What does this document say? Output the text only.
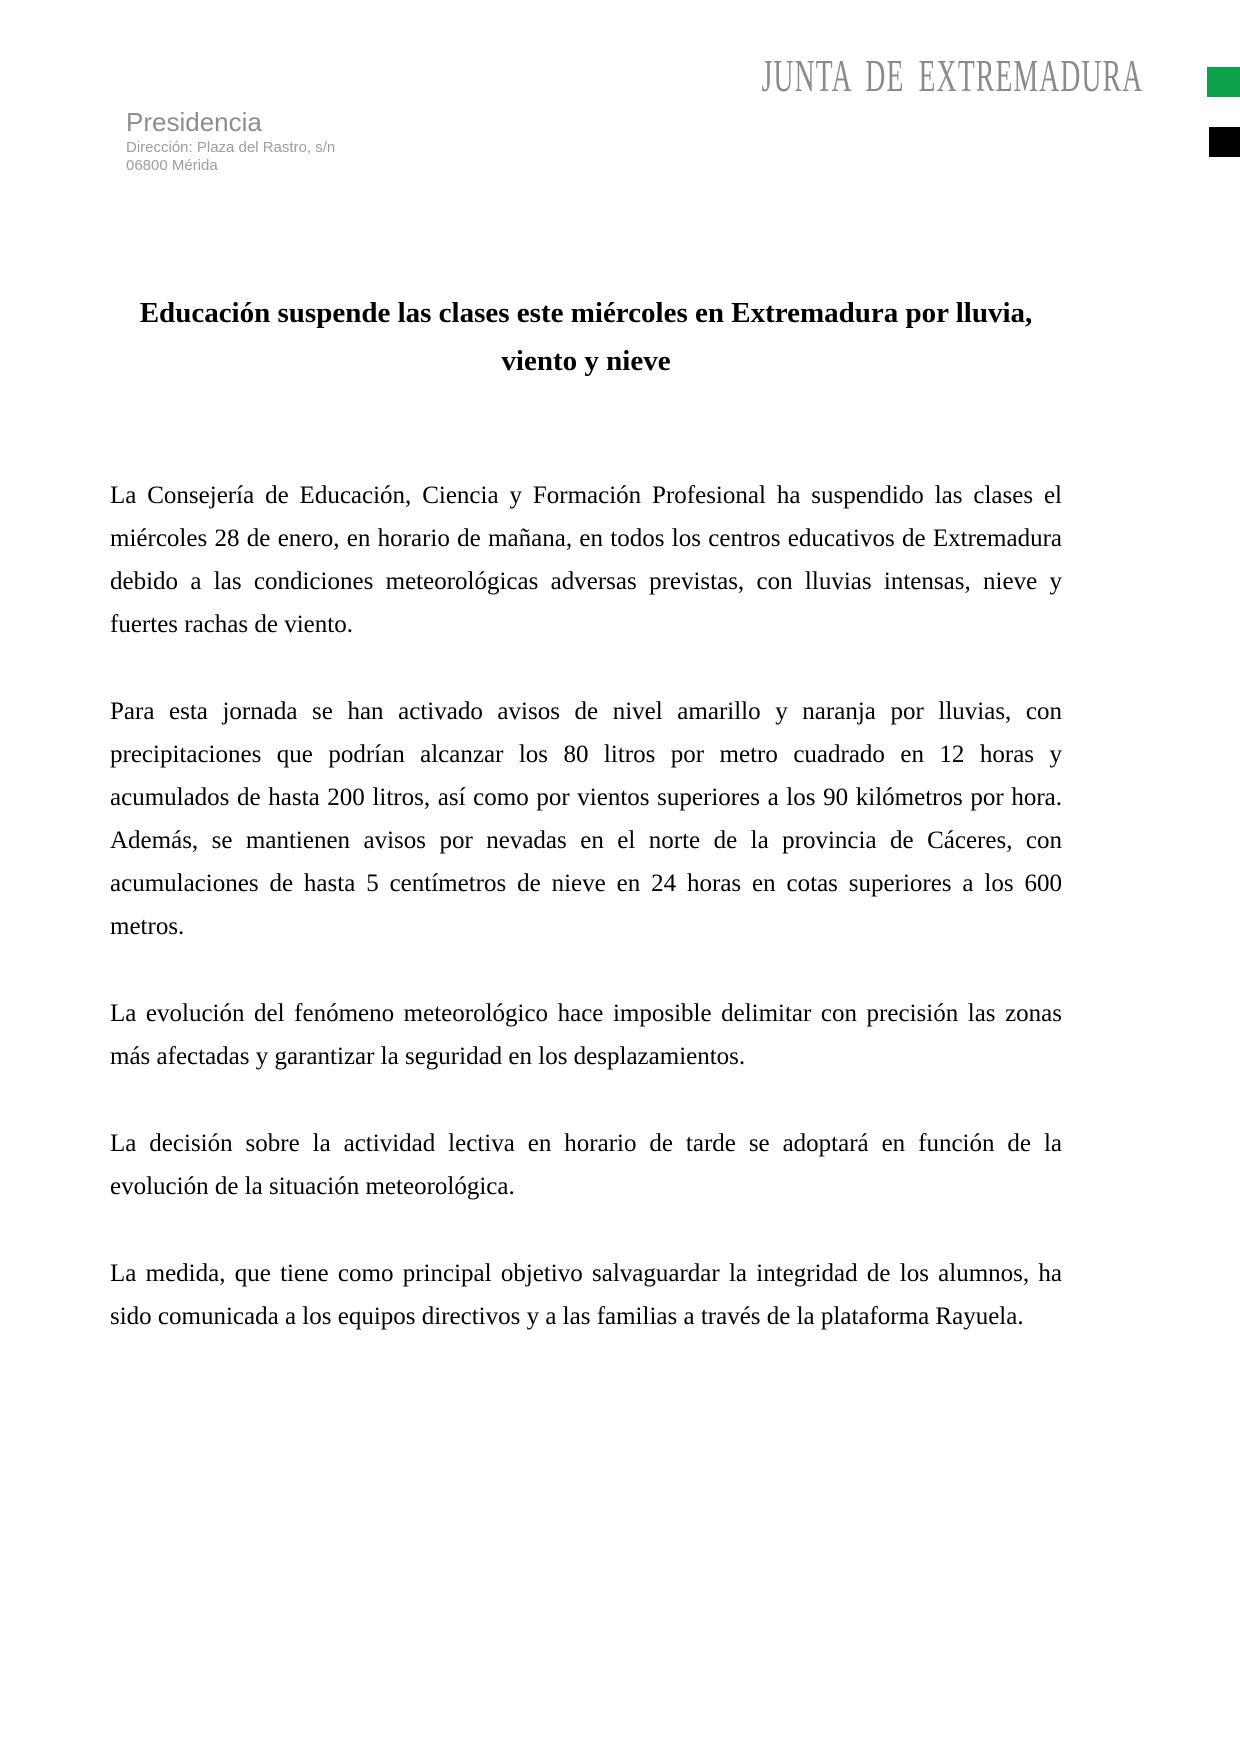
JUNTA DE EXTREMADURA
Presidencia
Dirección: Plaza del Rastro, s/n
06800 Mérida
Educación suspende las clases este miércoles en Extremadura por lluvia,
viento y nieve

La Consejería de Educación, Ciencia y Formación Profesional ha suspendido las clases el miércoles 28 de enero, en horario de mañana, en todos los centros educativos de Extremadura debido a las condiciones meteorológicas adversas previstas, con lluvias intensas, nieve y fuertes rachas de viento.

Para esta jornada se han activado avisos de nivel amarillo y naranja por lluvias, con precipitaciones que podrían alcanzar los 80 litros por metro cuadrado en 12 horas y acumulados de hasta 200 litros, así como por vientos superiores a los 90 kilómetros por hora. Además, se mantienen avisos por nevadas en el norte de la provincia de Cáceres, con acumulaciones de hasta 5 centímetros de nieve en 24 horas en cotas superiores a los 600 metros.

La evolución del fenómeno meteorológico hace imposible delimitar con precisión las zonas más afectadas y garantizar la seguridad en los desplazamientos.

La decisión sobre la actividad lectiva en horario de tarde se adoptará en función de la evolución de la situación meteorológica.

La medida, que tiene como principal objetivo salvaguardar la integridad de los alumnos, ha sido comunicada a los equipos directivos y a las familias a través de la plataforma Rayuela.
